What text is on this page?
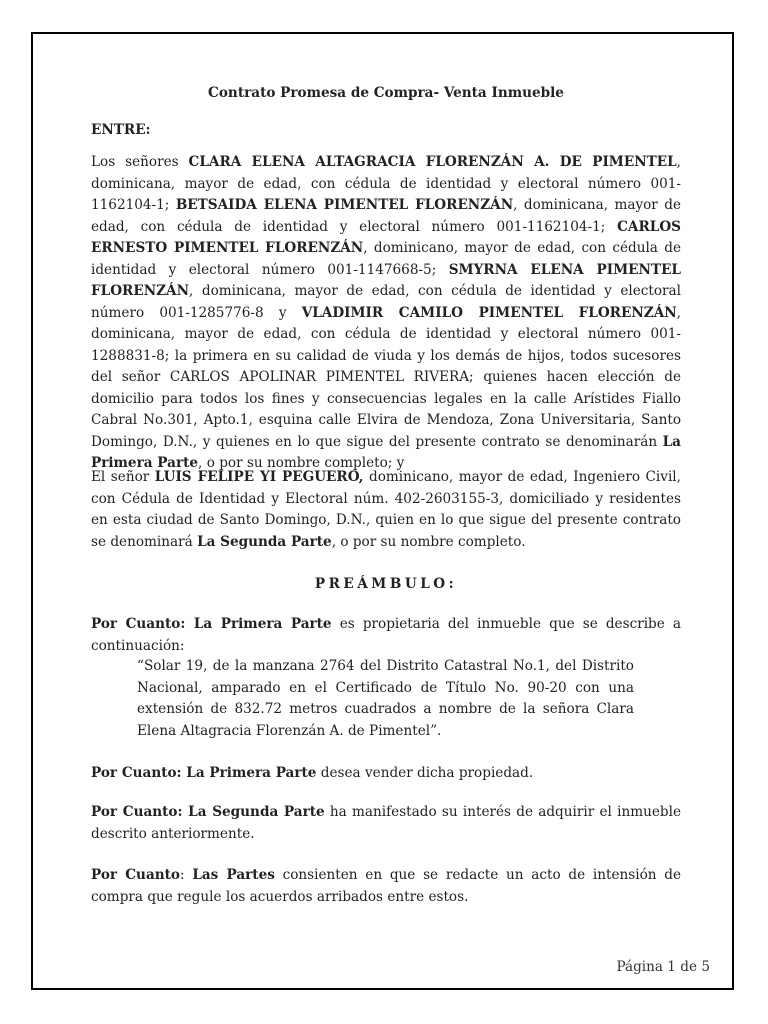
Contrato Promesa de Compra- Venta Inmueble
ENTRE:

Los señores CLARA ELENA ALTAGRACIA FLORENZÁN A. DE PIMENTEL, dominicana, mayor de edad, con cédula de identidad y electoral número 001-1162104-1; BETSAIDA ELENA PIMENTEL FLORENZÁN, dominicana, mayor de edad, con cédula de identidad y electoral número 001-1162104-1; CARLOS ERNESTO PIMENTEL FLORENZÁN, dominicano, mayor de edad, con cédula de identidad y electoral número 001-1147668-5; SMYRNA ELENA PIMENTEL FLORENZÁN, dominicana, mayor de edad, con cédula de identidad y electoral número 001-1285776-8 y VLADIMIR CAMILO PIMENTEL FLORENZÁN, dominicana, mayor de edad, con cédula de identidad y electoral número 001-1288831-8; la primera en su calidad de viuda y los demás de hijos, todos sucesores del señor CARLOS APOLINAR PIMENTEL RIVERA; quienes hacen elección de domicilio para todos los fines y consecuencias legales en la calle Arístides Fiallo Cabral No.301, Apto.1, esquina calle Elvira de Mendoza, Zona Universitaria, Santo Domingo, D.N., y quienes en lo que sigue del presente contrato se denominarán La Primera Parte, o por su nombre completo; y

El señor LUIS FELIPE YI PEGUERO, dominicano, mayor de edad, Ingeniero Civil, con Cédula de Identidad y Electoral núm. 402-2603155-3, domiciliado y residentes en esta ciudad de Santo Domingo, D.N., quien en lo que sigue del presente contrato se denominará La Segunda Parte, o por su nombre completo.

PREÁMBULO:

Por Cuanto: La Primera Parte es propietaria del inmueble que se describe a continuación:

“Solar 19, de la manzana 2764 del Distrito Catastral No.1, del Distrito Nacional, amparado en el Certificado de Título No. 90-20 con una extensión de 832.72 metros cuadrados a nombre de la señora Clara Elena Altagracia Florenzán A. de Pimentel”.

Por Cuanto: La Primera Parte desea vender dicha propiedad.

Por Cuanto: La Segunda Parte ha manifestado su interés de adquirir el inmueble descrito anteriormente.

Por Cuanto: Las Partes consienten en que se redacte un acto de intensión de compra que regule los acuerdos arribados entre estos.

Página 1 de 5
